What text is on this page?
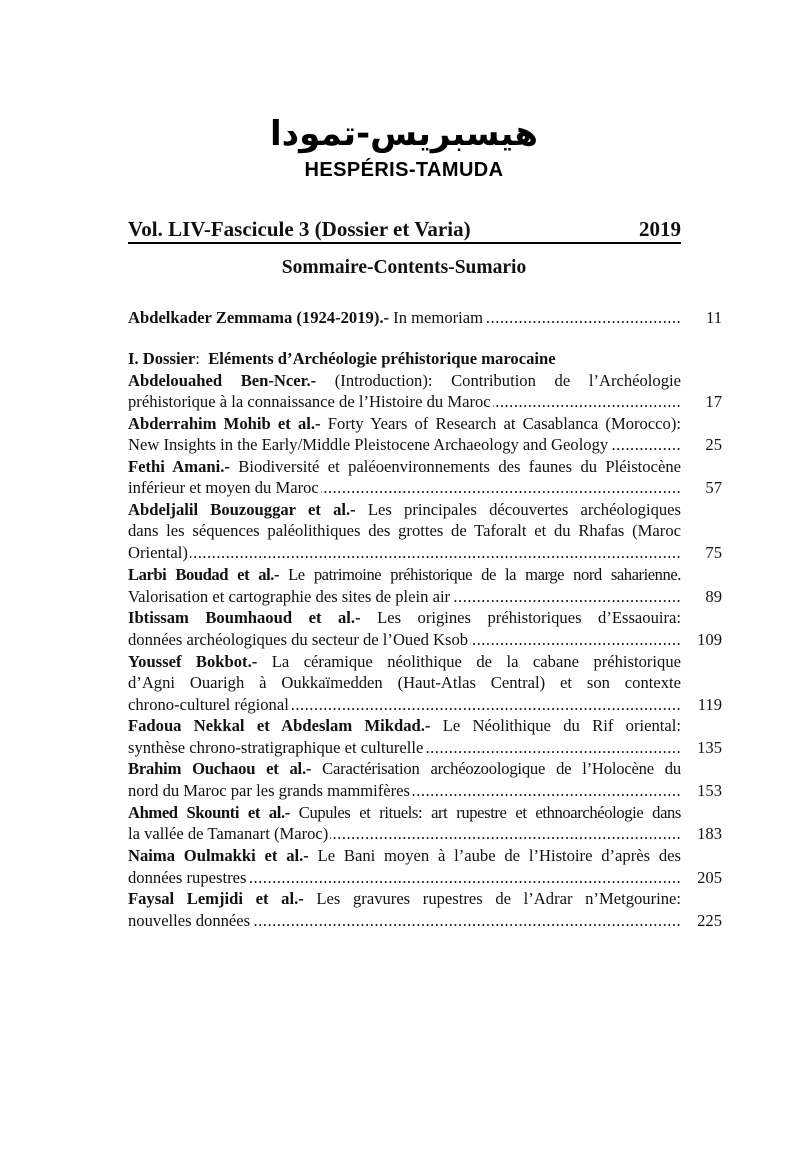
هيسبريس-تمودا
HESPÉRIS-TAMUDA
Vol. LIV-Fascicule 3 (Dossier et Varia)	2019
Sommaire-Contents-Sumario
Abdelkader Zemmama (1924-2019).- In memoriam .....	11
I. Dossier:  Eléments d’Archéologie préhistorique marocaine
Abdelouahed Ben-Ncer.- (Introduction): Contribution de l’Archéologie
préhistorique à la connaissance de l’Histoire du Maroc .....	17
Abderrahim Mohib et al.- Forty Years of Research at Casablanca (Morocco):
New Insights in the Early/Middle Pleistocene Archaeology and Geology .....	25
Fethi Amani.- Biodiversité et paléoenvironnements des faunes du Pléistocène
inférieur et moyen du Maroc .....	57
Abdeljalil Bouzouggar et al.- Les principales découvertes archéologiques
dans les séquences paléolithiques des grottes de Taforalt et du Rhafas (Maroc
Oriental) .....	75
Larbi Boudad et al.- Le patrimoine préhistorique de la marge nord saharienne.
Valorisation et cartographie des sites de plein air .....	89
Ibtissam Boumhaoud et al.- Les origines préhistoriques d’Essaouira:
données archéologiques du secteur de l’Oued Ksob .....	109
Youssef Bokbot.- La céramique néolithique de la cabane préhistorique
d’Agni Ouarigh à Oukkaïmedden (Haut-Atlas Central) et son contexte
chrono-culturel régional .....	119
Fadoua Nekkal et Abdeslam Mikdad.- Le Néolithique du Rif oriental:
synthèse chrono-stratigraphique et culturelle .....	135
Brahim Ouchaou et al.- Caractérisation archéozoologique de l’Holocène du
nord du Maroc par les grands mammifères .....	153
Ahmed Skounti et al.- Cupules et rituels: art rupestre et ethnoarchéologie dans
la vallée de Tamanart (Maroc) .....	183
Naima Oulmakki et al.- Le Bani moyen à l’aube de l’Histoire d’après des
données rupestres .....	205
Faysal Lemjidi et al.- Les gravures rupestres de l’Adrar n’Metgourine:
nouvelles données .....	225
